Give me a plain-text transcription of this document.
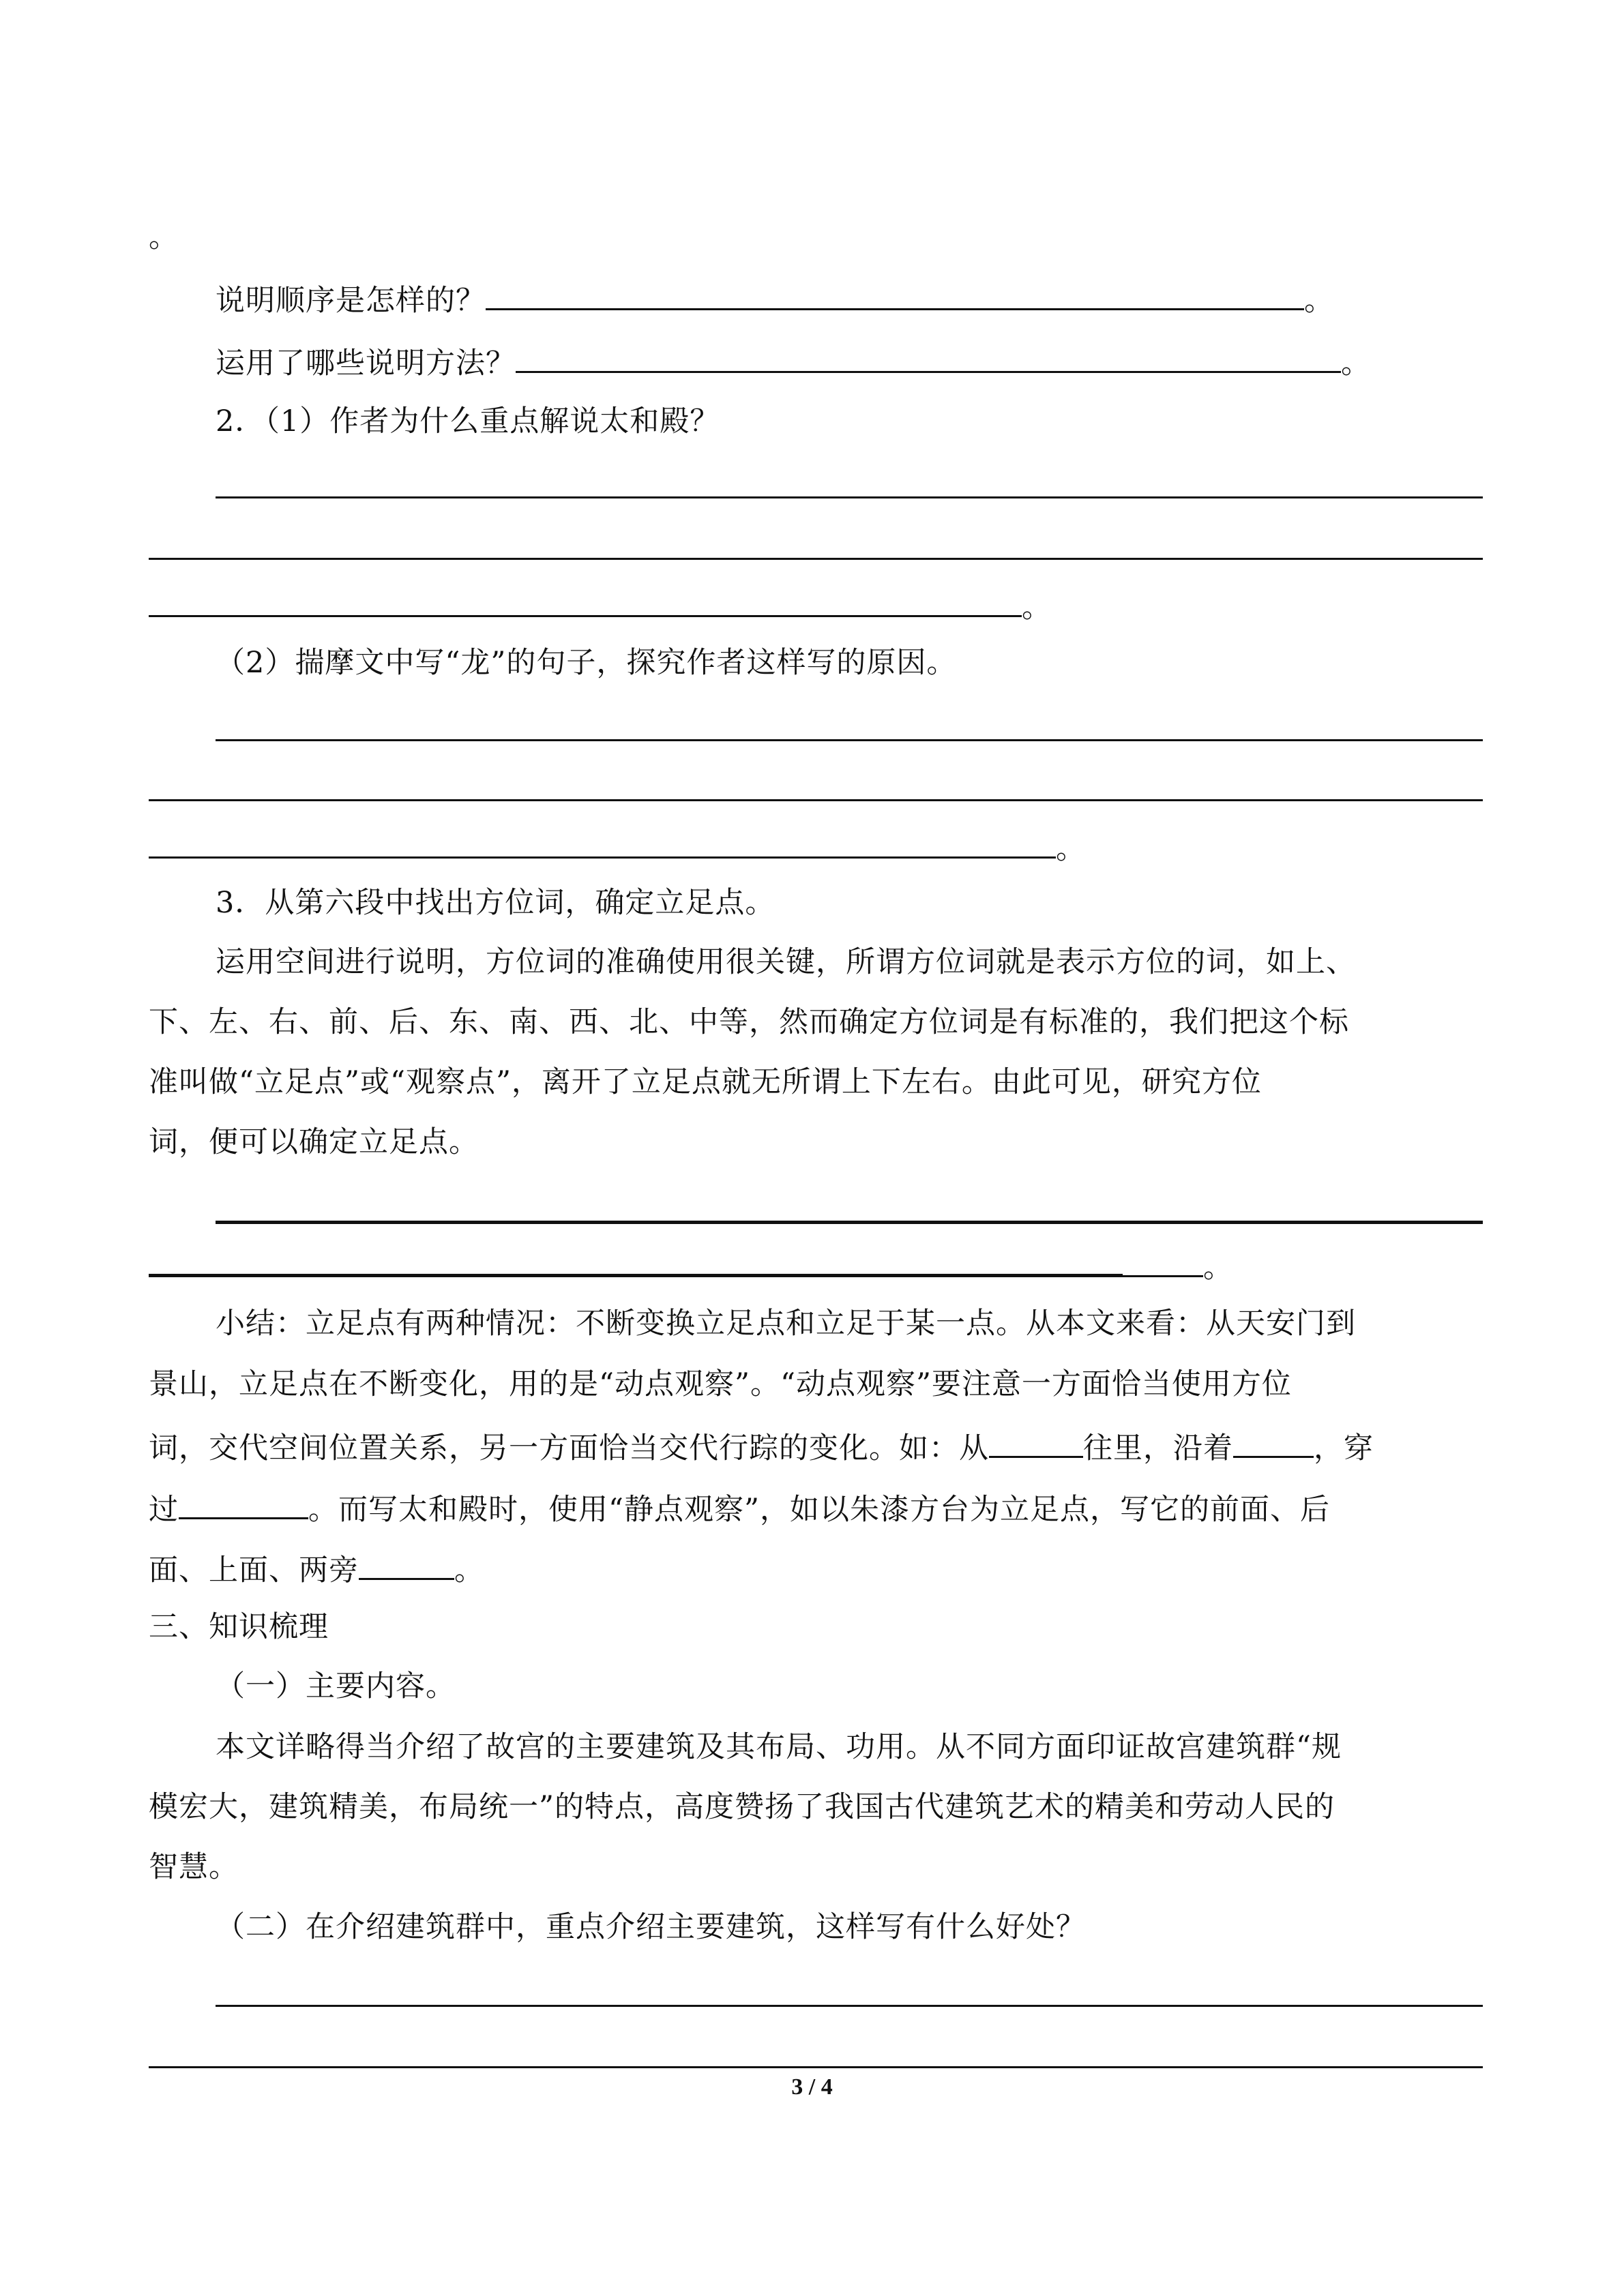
。
说明顺序是怎样的？	。
运用了哪些说明方法？	。
2．（1）作者为什么重点解说太和殿？
。
（2）揣摩文中写“龙”的句子，探究作者这样写的原因。
。
3．从第六段中找出方位词，确定立足点。
运用空间进行说明，方位词的准确使用很关键，所谓方位词就是表示方位的词，如上、
下、左、右、前、后、东、南、西、北、中等，然而确定方位词是有标准的，我们把这个标
准叫做“立足点”或“观察点”，离开了立足点就无所谓上下左右。由此可见，研究方位
词，便可以确定立足点。
。
小结：立足点有两种情况：不断变换立足点和立足于某一点。从本文来看：从天安门到
景山，立足点在不断变化，用的是“动点观察”。“动点观察”要注意一方面恰当使用方位
词，交代空间位置关系，另一方面恰当交代行踪的变化。如：从	往里，沿着	，穿
过	。而写太和殿时，使用“静点观察”，如以朱漆方台为立足点，写它的前面、后
面、上面、两旁	。
三、知识梳理
（一）主要内容。
本文详略得当介绍了故宫的主要建筑及其布局、功用。从不同方面印证故宫建筑群“规
模宏大，建筑精美，布局统一”的特点，高度赞扬了我国古代建筑艺术的精美和劳动人民的
智慧。
（二）在介绍建筑群中，重点介绍主要建筑，这样写有什么好处？
3 / 4
